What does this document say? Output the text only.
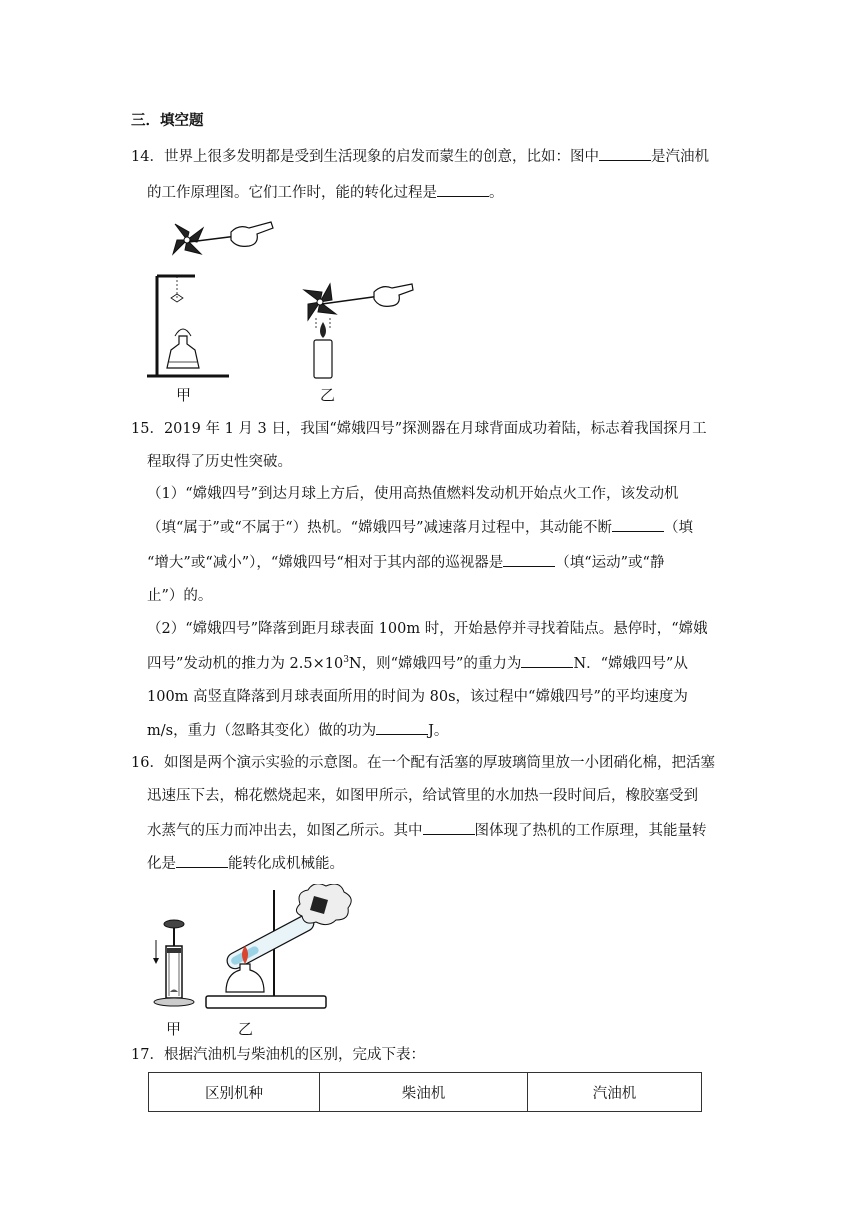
三．填空题
14．世界上很多发明都是受到生活现象的启发而蒙生的创意，比如：图中	是汽油机
的工作原理图。它们工作时，能的转化过程是	。
甲	乙
15．2019 年 1 月 3 日，我国“嫦娥四号”探测器在月球背面成功着陆，标志着我国探月工
程取得了历史性突破。
（1）“嫦娥四号”到达月球上方后，使用高热值燃料发动机开始点火工作，该发动机
（填“属于”或“不属于“）热机。“嫦娥四号”减速落月过程中，其动能不断	（填
“增大”或“减小”），“嫦娥四号“相对于其内部的巡视器是	（填“运动”或“静
止”）的。
（2）“嫦娥四号”降落到距月球表面 100m 时，开始悬停并寻找着陆点。悬停时，“嫦娥
四号”发动机的推力为 $2.5\times 10^3N$，则“嫦娥四号”的重力为	N．“嫦娥四号”从
100m 高竖直降落到月球表面所用的时间为 80s，该过程中“嫦娥四号”的平均速度为
m/s，重力（忽略其变化）做的功为	J。
16．如图是两个演示实验的示意图。在一个配有活塞的厚玻璃筒里放一小团硝化棉，把活塞
迅速压下去，棉花燃烧起来，如图甲所示，给试管里的水加热一段时间后，橡胶塞受到
水蒸气的压力而冲出去，如图乙所示。其中	图体现了热机的工作原理，其能量转
化是	能转化成机械能。
甲	乙
17．根据汽油机与柴油机的区别，完成下表：
区别机种	柴油机	汽油机
